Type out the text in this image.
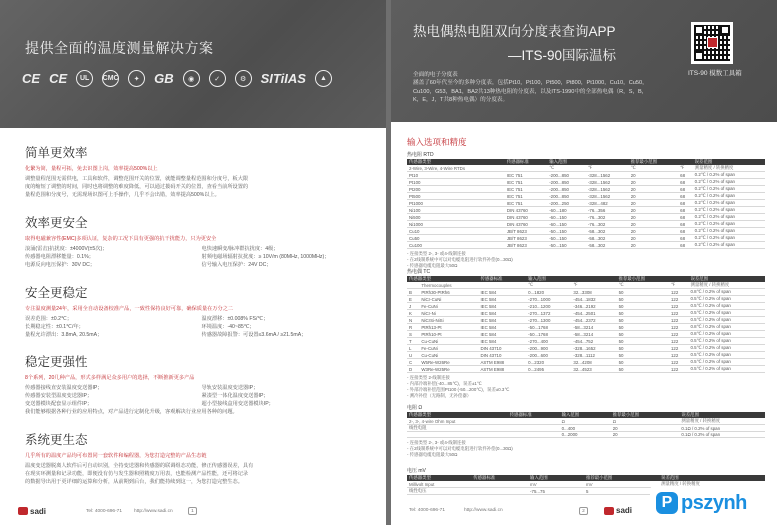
提供全面的温度测量解决方案
CE CE	UL	CMC	✦	GB	◉	✓	⚙	SITiIAS	▲
简单更效率
化繁为简，量程可拓，免去识图上岗，效率提高500%以上

调整量程范围无需供电，工具和软件，调整范围开关的位置，就能调整量程范围和分度号，板大限

度的缩短了调整的时间，同时也将调整的难度降低，可以通过拨码开关的位置，查看当前所设置的

量程范围和分度号，无需现场识图可上手操作，几乎不会出错，效率提高500%以上。

效率更安全
取得电磁兼容性(EMC)多项认证，复杂的工况下具有更强的抗干扰能力，只为更安全
浪涌(雷击)抗扰度：±4000V(±5次)；	电快速瞬变/脉冲群抗扰度：4级；
传感器电阻漂移能量：0.1%；	射频电磁场辐射抗扰度：≥ 10V/m (80MHz, 1000MHz)；
电源反向电压保护：30V DC；	信号输入电压保护：24V DC；
安全更稳定
专注温度测量24年，采用全自动设备校准产品，一致性保持良好可靠，确保质量在万分之二
误差范围：±0.2℃；	温度漂移：±0.008% FS/℃；
长期稳定性：±0.1℃/年；	环境温度：-40~85℃；
量程允许漂出：3.8mA, 20.5mA；	传感器故障报警：可设置≤3.6mA / ≥21.5mA；
稳定更强性
8个系列，20几种产品，形式多样满足众多用户的选择，不断推新更多产品
传感器接线直安装温度变送器IP；	导轨安装温度变送器IP；
传感器安装型温度变送器IP；	紧凑型一体化温度变送器IP；
变送器模块配套显示组件IP；	超小型接线盒用变送器模块IP；

我们能够根据各种行业的应用特点，对产品进行定制化升级，客观解决行业应用各种的问题。

系统更生态
几乎所有的温度产品均可布置同一套软件和编程器，为您打造完整的产品生态链

温度变送器脱离人软件后可自动识别，全持变送器和传感器的联调组态功能，修正传感器误差，具有

在现实环测量和记录功能，即便没有仿与发生器和照精度万用表，也能检测产品性能，还可将记录

的数据导出用于更详细的运算和分析，从前期到后台，我们能持续到这一，为您打造完整生态。

sadi	Tel: 4000-696-71	http://www.sadi.cn	1
热电偶热电阻双向分度表查询APP
—ITS-90国际温标
全面的电子分度表
涵盖了60年代至今的多种分度表，包括Pt10，Pt100，Pt500，Pt800，Pt1000，Cu10，Cu50，Cu100，G53，BA1，BA2共13种热电阻的分度表，以及ITS-1990中的全部热电偶（R，S，B，K，E，J，T共8种热电偶）的分度表。
ITS-90 模数工具箱
输入选项和精度
热电阻 RTD
传感器类型	传感器标准	输入范围		推荐最小范围		误差范围
2-Wire, 3-Wire, 4-Wire RTDs		℃	℉	℃	℉	测量精度 / 转换精度
Pt10	IEC 751	-200...850	-328...1562	20	68	0.2℃ / 0.2% of span
Pt100	IEC 751	-200...850	-328...1562	20	68	0.2℃ / 0.2% of span
Pt200	IEC 751	-200...850	-328...1562	20	68	0.2℃ / 0.2% of span
Pt500	IEC 751	-200...850	-328...1562	20	68	0.2℃ / 0.2% of span
Pt1000	IEC 751	-200...250	-328...482	20	68	0.2℃ / 0.2% of span
Ni100	DIN 43760	-60...180	-76...356	20	68	0.2℃ / 0.2% of span
Ni500	DIN 43760	-60...150	-76...302	20	68	0.2℃ / 0.2% of span
Ni1000	DIN 43760	-60...150	-76...302	20	68	0.2℃ / 0.2% of span
Cu10	JB/T 8623	-50...150	-58...302	20	68	0.2℃ / 0.2% of span
Cu50	JB/T 8623	-50...150	-58...302	20	68	0.2℃ / 0.2% of span
Cu100	JB/T 8623	-50...150	-58...302	20	68	0.2℃ / 0.2% of span
- 连接类型 2-, 3- 或4-线制连接
- 在2线制系统中可以对电缆电阻进行软件补偿(0...30Ω)
- 传感器电缆电阻最大50Ω
热电偶 TC
传感器类型		传感器标准	输入范围		推荐最小范围		误差范围
	Thermocouples		℃	℉	℃	℉	测量精度 / 转换精度
B	PtRh30-PtRh6	IEC 584	0...1820	32...3308	50	122	0.8℃ / 0.2% of span
E	NiCr-CuNi	IEC 584	-270...1000	-454...1832	50	122	0.5℃ / 0.2% of span
J	Fe-CuNi	IEC 584	-210...1200	-346...2192	50	122	0.5℃ / 0.2% of span
K	NiCr-Ni	IEC 584	-270...1372	-454...2501	50	122	0.5℃ / 0.2% of span
N	NiCrSi-NiSi	IEC 584	-270...1300	-454...2372	50	122	0.5℃ / 0.2% of span
R	PtRh13-Pt	IEC 584	-50...1768	-58...3214	50	122	0.8℃ / 0.2% of span
S	PtRh10-Pt	IEC 584	-50...1768	-58...3214	50	122	0.8℃ / 0.2% of span
T	Cu-CuNi	IEC 584	-270...400	-454...752	50	122	0.5℃ / 0.2% of span
L	Fe-CuNi	DIN 43710	-200...900	-328...1652	50	122	0.5℃ / 0.2% of span
U	Cu-CuNi	DIN 43710	-200...600	-328...1112	50	122	0.5℃ / 0.2% of span
C	W5Re-W26Re	ASTM E988	0...2320	32...4208	50	122	0.5℃ / 0.2% of span
D	W3Re-W25Re	ASTM E988	0...2495	32...4523	50	122	0.5℃ / 0.2% of span
- 连接类型 2-线制连接
- 内部冷端补偿(-40...85℃)，误差±1℃
- 外部冷端补偿范围Pt100 (-50...200℃)，误差±0.3℃
- 测冷补偿（无路制，无补偿器）
电阻 Ω
传感器类型	传感器标准	输入范围		推荐最小范围		误差范围
2-, 3-, 4-wire Ohm Input		Ω		Ω		测量精度 / 转换精度
线性电阻		0...400		20		0.1Ω / 0.2% of span
		0...2000		20		0.1Ω / 0.2% of span
- 连接类型 2-, 3- 或4-线制连接
- 在2线制系统中可以对电缆电阻进行软件补偿(0...30Ω)
- 传感器电缆电阻最大50Ω
电压 mV
传感器类型	传感器标准	输入范围		推荐最小范围		误差范围
Millivolt Input		mV		mV		测量精度 / 转换精度
线性电压		-75...75		5		
Tel: 4000-696-71	http://www.sadi.cn	2	sadi	P pszynh
